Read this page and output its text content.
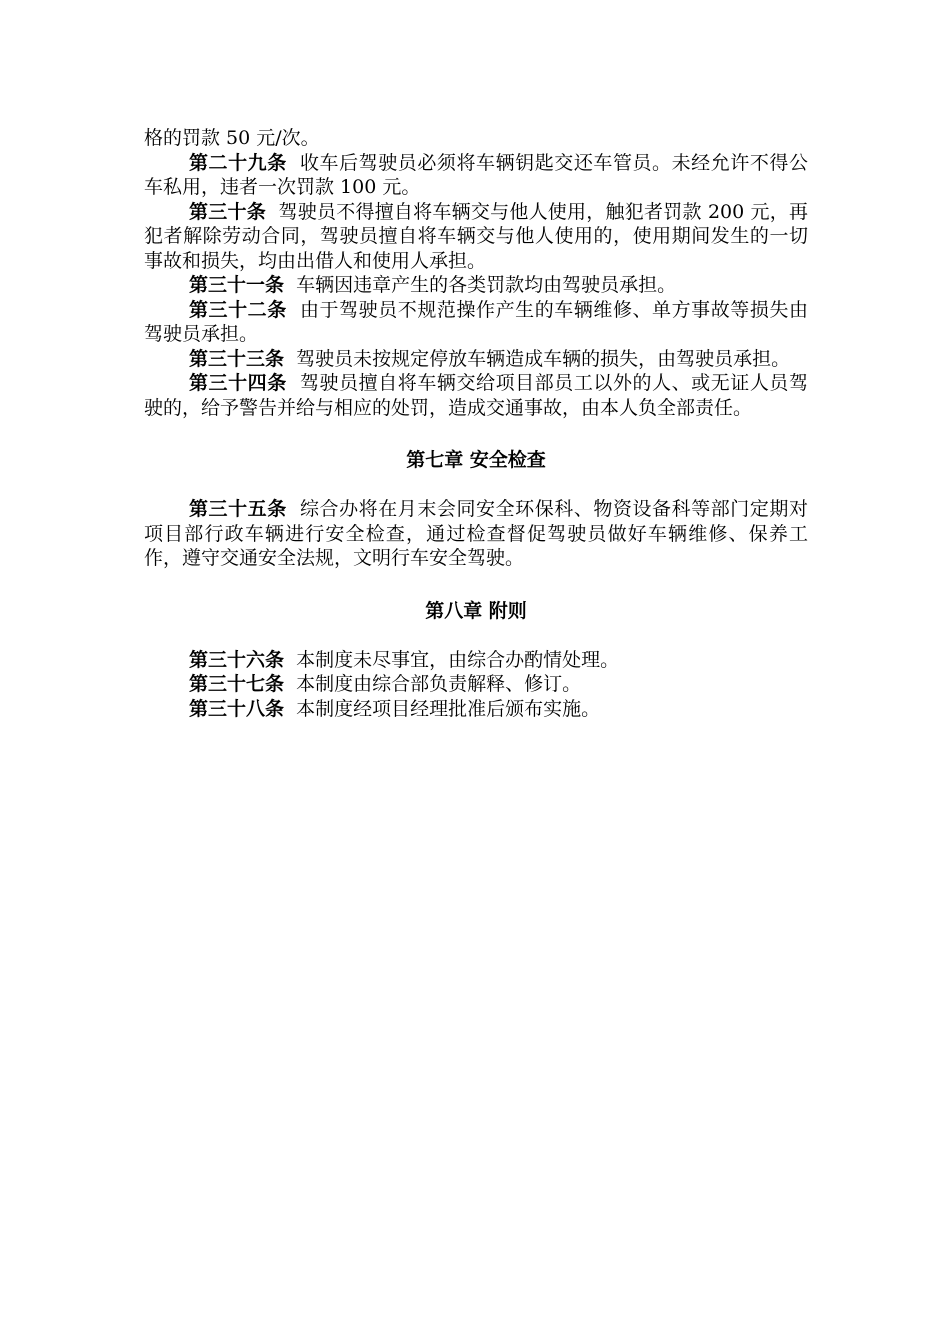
格的罚款 50 元/次。

第二十九条 收车后驾驶员必须将车辆钥匙交还车管员。未经允许不得公车私用，违者一次罚款 100 元。

第三十条 驾驶员不得擅自将车辆交与他人使用，触犯者罚款 200 元，再犯者解除劳动合同，驾驶员擅自将车辆交与他人使用的，使用期间发生的一切事故和损失，均由出借人和使用人承担。

第三十一条 车辆因违章产生的各类罚款均由驾驶员承担。

第三十二条 由于驾驶员不规范操作产生的车辆维修、单方事故等损失由驾驶员承担。

第三十三条 驾驶员未按规定停放车辆造成车辆的损失，由驾驶员承担。

第三十四条 驾驶员擅自将车辆交给项目部员工以外的人、或无证人员驾驶的，给予警告并给与相应的处罚，造成交通事故，由本人负全部责任。

第七章 安全检查

第三十五条 综合办将在月末会同安全环保科、物资设备科等部门定期对项目部行政车辆进行安全检查，通过检查督促驾驶员做好车辆维修、保养工作，遵守交通安全法规，文明行车安全驾驶。

第八章 附则

第三十六条 本制度未尽事宜，由综合办酌情处理。

第三十七条 本制度由综合部负责解释、修订。

第三十八条 本制度经项目经理批准后颁布实施。
